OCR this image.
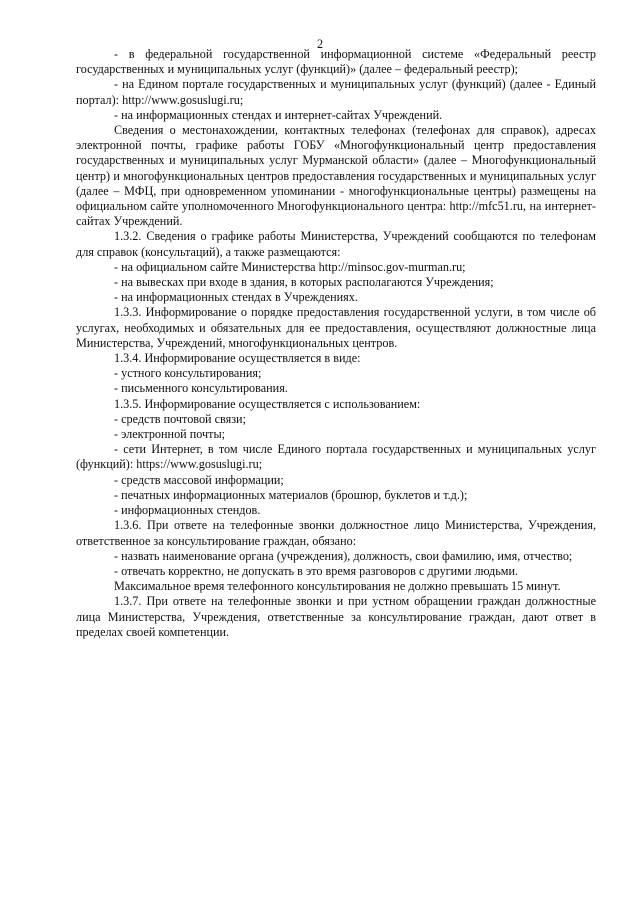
2

- в федеральной государственной информационной системе «Федеральный реестр государственных и муниципальных услуг (функций)» (далее – федеральный реестр);

- на Едином портале государственных и муниципальных услуг (функций) (далее - Единый портал): http://www.gosuslugi.ru;

- на информационных стендах и интернет-сайтах Учреждений.

Сведения о местонахождении, контактных телефонах (телефонах для справок), адресах электронной почты, графике работы ГОБУ «Многофункциональный центр предоставления государственных и муниципальных услуг Мурманской области» (далее – Многофункциональный центр) и многофункциональных центров предоставления государственных и муниципальных услуг (далее – МФЦ, при одновременном упоминании - многофункциональные центры) размещены на официальном сайте уполномоченного Многофункционального центра: http://mfc51.ru, на интернет-сайтах Учреждений.

1.3.2. Сведения о графике работы Министерства, Учреждений сообщаются по телефонам для справок (консультаций), а также размещаются:

- на официальном сайте Министерства http://minsoc.gov-murman.ru;

- на вывесках при входе в здания, в которых располагаются Учреждения;

- на информационных стендах в Учреждениях.

1.3.3. Информирование о порядке предоставления государственной услуги, в том числе об услугах, необходимых и обязательных для ее предоставления, осуществляют должностные лица Министерства, Учреждений, многофункциональных центров.

1.3.4. Информирование осуществляется в виде:

- устного консультирования;

- письменного консультирования.

1.3.5. Информирование осуществляется с использованием:

- средств почтовой связи;

- электронной почты;

- сети Интернет, в том числе Единого портала государственных и муниципальных услуг (функций): https://www.gosuslugi.ru;

- средств массовой информации;

- печатных информационных материалов (брошюр, буклетов и т.д.);

- информационных стендов.

1.3.6. При ответе на телефонные звонки должностное лицо Министерства, Учреждения, ответственное за консультирование граждан, обязано:

- назвать наименование органа (учреждения), должность, свои фамилию, имя, отчество;

- отвечать корректно, не допускать в это время разговоров с другими людьми.

Максимальное время телефонного консультирования не должно превышать 15 минут.

1.3.7. При ответе на телефонные звонки и при устном обращении граждан должностные лица Министерства, Учреждения, ответственные за консультирование граждан, дают ответ в пределах своей компетенции.
